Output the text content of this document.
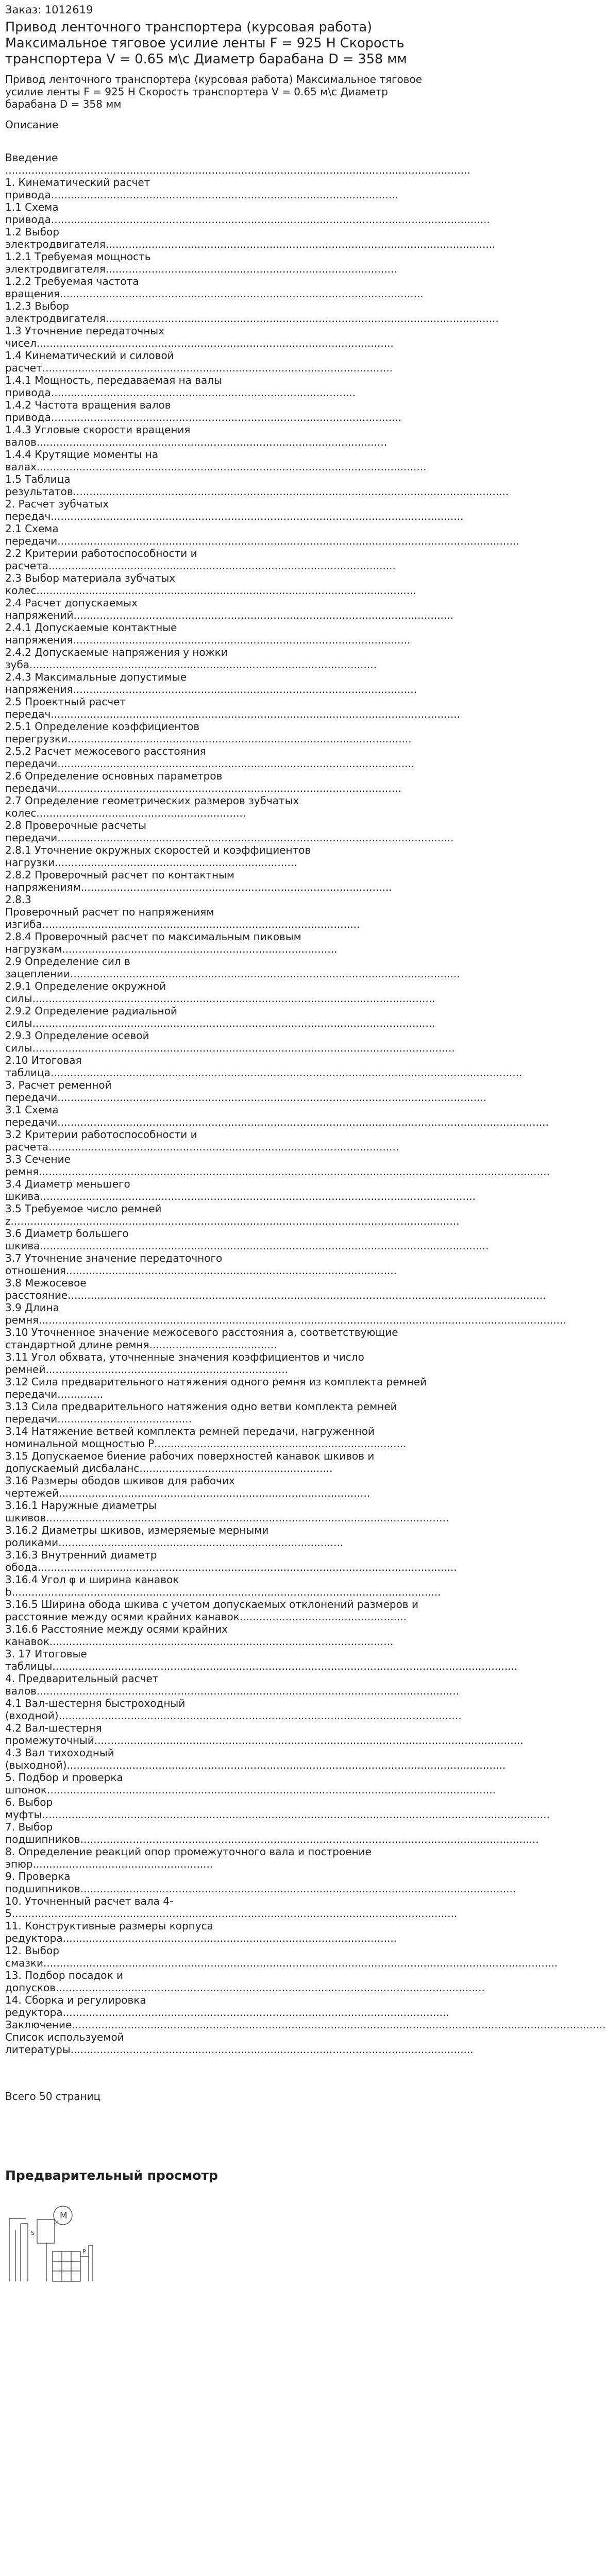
Заказ: 1012619

Привод ленточного транспортера (курсовая работа) Максимальное тяговое усилие ленты F = 925 Н Скорость транспортера V = 0.65 м\с Диаметр барабана D = 358 мм

Привод ленточного транспортера (курсовая работа) Максимальное тяговое усилие ленты F = 925 Н Скорость транспортера V = 0.65 м\с Диаметр барабана D = 358 мм

Описание

Введение ..............................................................................................................................................

1. Кинематический расчет привода..........................................................................................................

1.1 Схема привода......................................................................................................................................

1.2 Выбор электродвигателя.......................................................................................................................

1.2.1 Требуемая мощность электродвигателя.........................................................................................

1.2.2 Требуемая частота вращения...............................................................................................................

1.2.3 Выбор электродвигателя........................................................................................................................

1.3 Уточнение передаточных чисел.............................................................................................................

1.4 Кинематический и силовой расчет...........................................................................................................

1.4.1 Мощность, передаваемая на валы привода.............................................................................................

1.4.2 Частота вращения валов привода...........................................................................................................

1.4.3 Угловые скорости вращения валов...........................................................................................................

1.4.4 Крутящие моменты на валах.......................................................................................................................

1.5 Таблица результатов.....................................................................................................................................

2. Расчет зубчатых передач..............................................................................................................................

2.1 Схема передачи.............................................................................................................................................

2.2 Критерии работоспособности и расчета..........................................................................................................

2.3 Выбор материала зубчатых колес....................................................................................................................

2.4 Расчет допускаемых напряжений....................................................................................................................

2.4.1 Допускаемые контактные напряжения.......................................................................................................

2.4.2 Допускаемые напряжения у ножки зуба..........................................................................................................

2.4.3 Максимальные допустимые напряжения.........................................................................................................

2.5 Проектный расчет передач.............................................................................................................................

2.5.1 Определение коэффициентов перегрузки.........................................................................................................

2.5.2 Расчет межосевого расстояния передачи.............................................................................................................

2.6 Определение основных параметров передачи.........................................................................................................

2.7 Определение геометрических размеров зубчатых колес................................................................

2.8 Проверочные расчеты передачи.........................................................................................................................

2.8.1 Уточнение окружных скоростей и коэффициентов нагрузки..........................................................................

2.8.2 Проверочный расчет по контактным напряжениям...............................................................................................

2.8.3

Проверочный расчет по напряжениям изгиба.................................................................................................

2.8.4 Проверочный расчет по максимальным пиковым нагрузкам....................................................................................

2.9 Определение сил в зацеплении.......................................................................................................................

2.9.1 Определение окружной силы...........................................................................................................................

2.9.2 Определение радиальной силы...........................................................................................................................

2.9.3 Определение осевой силы.................................................................................................................................

2.10 Итоговая таблица................................................................................................................................................

3. Расчет ременной передачи...................................................................................................................................

3.1 Схема передачи......................................................................................................................................................

3.2 Критерии работоспособности и расчета...........................................................................................................

3.3 Сечение ремня............................................................................................................................................................

3.4 Диаметр меньшего шкива.....................................................................................................................................

3.5 Требуемое число ремней z.........................................................................................................................................

3.6 Диаметр большего шкива.........................................................................................................................................

3.7 Уточнение значение передаточного отношения.....................................................................................................

3.8 Межосевое расстояние..................................................................................................................................................

3.9 Длина ремня.................................................................................................................................................................

3.10 Уточненное значение межосевого расстояния a, соответствующие стандартной длине ремня.......................................

3.11 Угол обхвата, уточненные значения коэффициентов и число ремней..........................................................................

3.12 Сила предварительного натяжения одного ремня из комплекта ремней передачи..............

3.13 Сила предварительного натяжения одно ветви комплекта ремней передачи.........................................

3.14 Натяжение ветвей комплекта ремней передачи, нагруженной номинальной мощностью Р.............................................................................

3.15 Допускаемое биение рабочих поверхностей канавок шкивов и допускаемый дисбаланс...........................................................

3.16 Размеры ободов шкивов для рабочих чертежей...............................................................................................

3.16.1 Наружные диаметры шкивов...........................................................................................................................

3.16.2 Диаметры шкивов, измеряемые мерными роликами.......................................................................................

3.16.3 Внутренний диаметр обода................................................................................................................................

3.16.4 Угол φ и ширина канавок b...................................................................................................................................

3.16.5 Ширина обода шкива с учетом допускаемых отклонений размеров и расстояние между осями крайних канавок...................................................

3.16.6 Расстояние между осями крайних канавок.........................................................................................................

3. 17 Итоговые таблицы..............................................................................................................................................

4. Предварительный расчет валов.................................................................................................................................

4.1 Вал-шестерня быстроходный (входной)...........................................................................................................................

4.2 Вал-шестерня промежуточный...................................................................................................................................

4.3 Вал тихоходный (выходной)......................................................................................................................................

5. Подбор и проверка шпонок.........................................................................................................................................

6. Выбор муфты...........................................................................................................................................................

7. Выбор подшипников............................................................................................................................................

8. Определение реакций опор промежуточного вала и построение эпюр.......................................................

9. Проверка подшипников.....................................................................................................................................

10. Уточненный расчет вала 4-5........................................................................................................................................

11. Конструктивные размеры корпуса редуктора......................................................................................................

12. Выбор смазки.............................................................................................................................................................

13. Подбор посадок и допусков...................................................................................................................................

14. Сборка и регулировка редуктора......................................................................................................................

Заключение...................................................................................................................................................................

Список используемой литературы...........................................................................................................................

Всего 50 страниц

Предварительный просмотр
M
S
P
